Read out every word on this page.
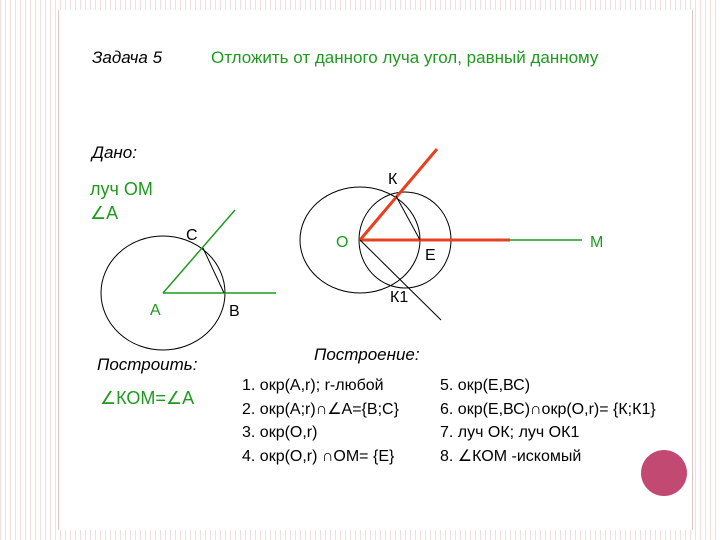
Задача 5	Отложить от данного луча угол, равный данному
Дано:
луч ОМ
∠А
Построить:
∠КОМ=∠А
Построение:
1. окр(А,r); r-любой
2. окр(А;r)∩∠А={B;C}
3. окр(О,r)
4. окр(О,r) ∩ОМ= {Е}
5. окр(Е,ВС)
6. окр(Е,ВС)∩окр(О,r)= {К;К1}
7. луч ОК; луч ОК1
8. ∠КОМ -искомый
С
А	В
К
О
Е
М
К1
